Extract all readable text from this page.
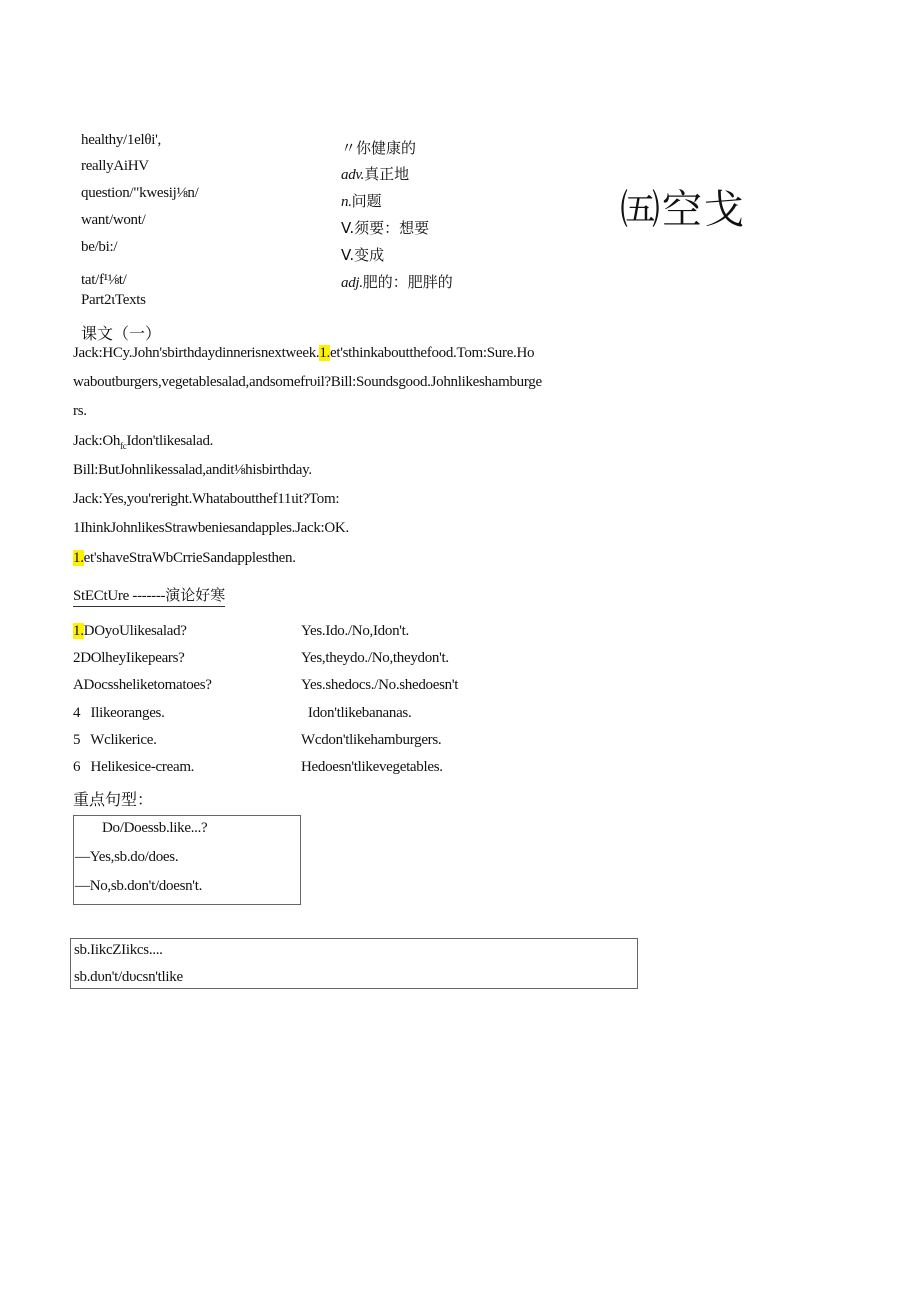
healthy/1elθi',
reallyAiHV
question/"kwesij⅛n/
want/wont/
be/bi:/
tat/f¹⅛t/
〃你健康的
adv.真正地
n.问题
V.须要：想要
V.变成
adj.肥的：肥胖的
㈤空戈
Part2ιTexts
课文（一）
Jack:HCy.John'sbirthdaydinnerisnextweek.1.et'sthinkaboutthefood.Tom:Sure.Ho
waboutburgers,vegetablesalad,andsomefrυil?Bill:Soundsgood.Johnlikeshamburge
rs.
$Jack:Oh_{fc}Idon'tlikesalad$.
Bill:ButJohnlikessalad,andit⅛hisbirthday.
Jack:Yes,you'reright.Whataboutthef11ιit?Tom:
1IhinkJohnlikesStrawbeniesandapples.Jack:OK.
1.et'shaveStraWbCrrieSandapplesthen.
StECtUre -------演论好寒
1.DOyoUlikesalad?
2DOlheyIikepears?
ADocssheliketomatoes?
4   Ilikeoranges.
5   Wclikerice.
6   Helikesice-cream.
Yes.Ido./No,Idon't.
Yes,theydo./No,theydon't.
Yes.shedocs./No.shedoesn't
Idon'tlikebananas.
Wcdon'tlikehamburgers.
Hedoesn'tlikevegetables.
重点句型：
Do/Doessb.like...?
—Yes,sb.do/does.
—No,sb.don't/doesn't.
sb.IikcZIikcs....
sb.dυn't/dυcsn'tlike
